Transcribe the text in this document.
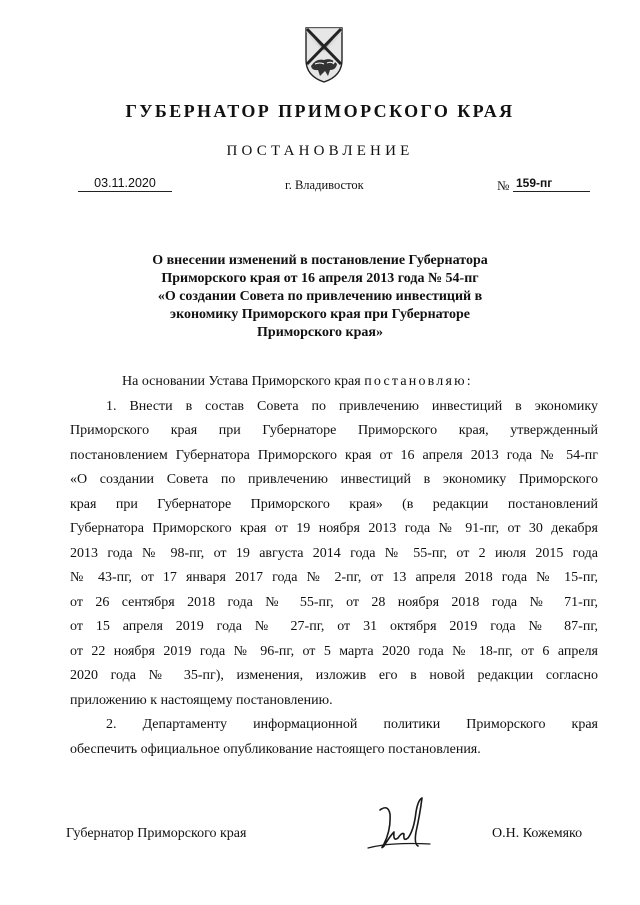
ГУБЕРНАТОР ПРИМОРСКОГО КРАЯ
ПОСТАНОВЛЕНИЕ
03.11.2020	г. Владивосток	№ 159-пг
О внесении изменений в постановление Губернатора
Приморского края от 16 апреля 2013 года № 54-пг
«О создании Совета по привлечению инвестиций в
экономику Приморского края при Губернаторе
Приморского края»
На основании Устава Приморского края постановляю:
1. Внести в состав Совета по привлечению инвестиций в экономику
Приморского края при Губернаторе Приморского края, утвержденный
постановлением Губернатора Приморского края от 16 апреля 2013 года № 54-пг
«О создании Совета по привлечению инвестиций в экономику Приморского
края при Губернаторе Приморского края» (в редакции постановлений
Губернатора Приморского края от 19 ноября 2013 года № 91-пг, от 30 декабря
2013 года № 98-пг, от 19 августа 2014 года № 55-пг, от 2 июля 2015 года
№ 43-пг, от 17 января 2017 года № 2-пг, от 13 апреля 2018 года № 15-пг,
от 26 сентября 2018 года № 55-пг, от 28 ноября 2018 года № 71-пг,
от 15 апреля 2019 года № 27-пг, от 31 октября 2019 года № 87-пг,
от 22 ноября 2019 года № 96-пг, от 5 марта 2020 года № 18-пг, от 6 апреля
2020 года № 35-пг), изменения, изложив его в новой редакции согласно
приложению к настоящему постановлению.
2. Департаменту информационной политики Приморского края
обеспечить официальное опубликование настоящего постановления.
Губернатор Приморского края	О.Н. Кожемяко
